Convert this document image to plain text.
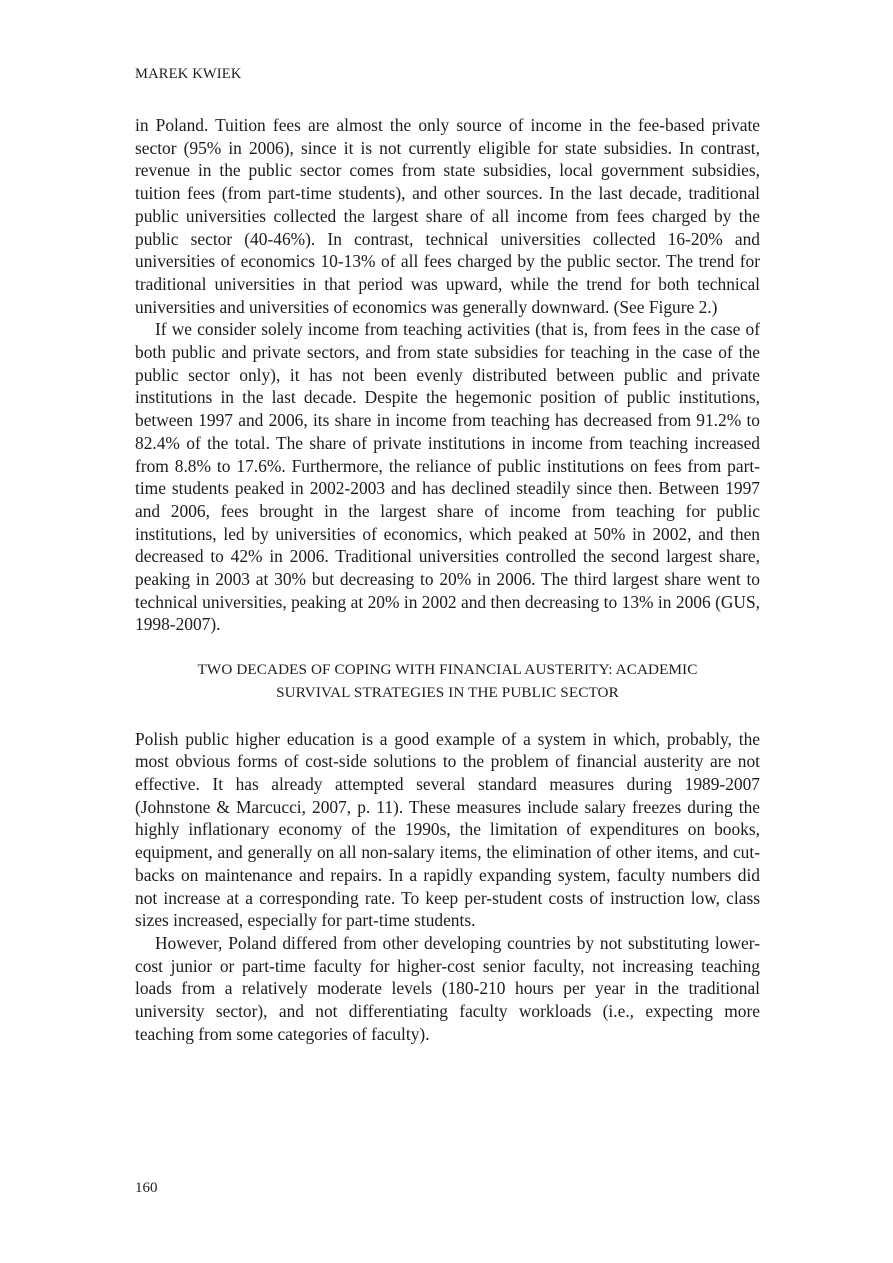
MAREK KWIEK

in Poland. Tuition fees are almost the only source of income in the fee-based private sector (95% in 2006), since it is not currently eligible for state subsidies. In contrast, revenue in the public sector comes from state subsidies, local government subsidies, tuition fees (from part-time students), and other sources. In the last decade, traditional public universities collected the largest share of all income from fees charged by the public sector (40-46%). In contrast, technical universities collected 16-20% and universities of economics 10-13% of all fees charged by the public sector. The trend for traditional universities in that period was upward, while the trend for both technical universities and universities of economics was generally downward. (See Figure 2.)

If we consider solely income from teaching activities (that is, from fees in the case of both public and private sectors, and from state subsidies for teaching in the case of the public sector only), it has not been evenly distributed between public and private institutions in the last decade. Despite the hegemonic position of public institutions, between 1997 and 2006, its share in income from teaching has decreased from 91.2% to 82.4% of the total. The share of private institutions in income from teaching increased from 8.8% to 17.6%. Furthermore, the reliance of public institutions on fees from part-time students peaked in 2002-2003 and has declined steadily since then. Between 1997 and 2006, fees brought in the largest share of income from teaching for public institutions, led by universities of economics, which peaked at 50% in 2002, and then decreased to 42% in 2006. Traditional universities controlled the second largest share, peaking in 2003 at 30% but decreasing to 20% in 2006. The third largest share went to technical universities, peaking at 20% in 2002 and then decreasing to 13% in 2006 (GUS, 1998-2007).

TWO DECADES OF COPING WITH FINANCIAL AUSTERITY: ACADEMIC
SURVIVAL STRATEGIES IN THE PUBLIC SECTOR

Polish public higher education is a good example of a system in which, probably, the most obvious forms of cost-side solutions to the problem of financial austerity are not effective. It has already attempted several standard measures during 1989-2007 (Johnstone & Marcucci, 2007, p. 11). These measures include salary freezes during the highly inflationary economy of the 1990s, the limitation of expenditures on books, equipment, and generally on all non-salary items, the elimination of other items, and cut-backs on maintenance and repairs. In a rapidly expanding system, faculty numbers did not increase at a corresponding rate. To keep per-student costs of instruction low, class sizes increased, especially for part-time students.

However, Poland differed from other developing countries by not substituting lower-cost junior or part-time faculty for higher-cost senior faculty, not increasing teaching loads from a relatively moderate levels (180-210 hours per year in the traditional university sector), and not differentiating faculty workloads (i.e., expecting more teaching from some categories of faculty).

160
